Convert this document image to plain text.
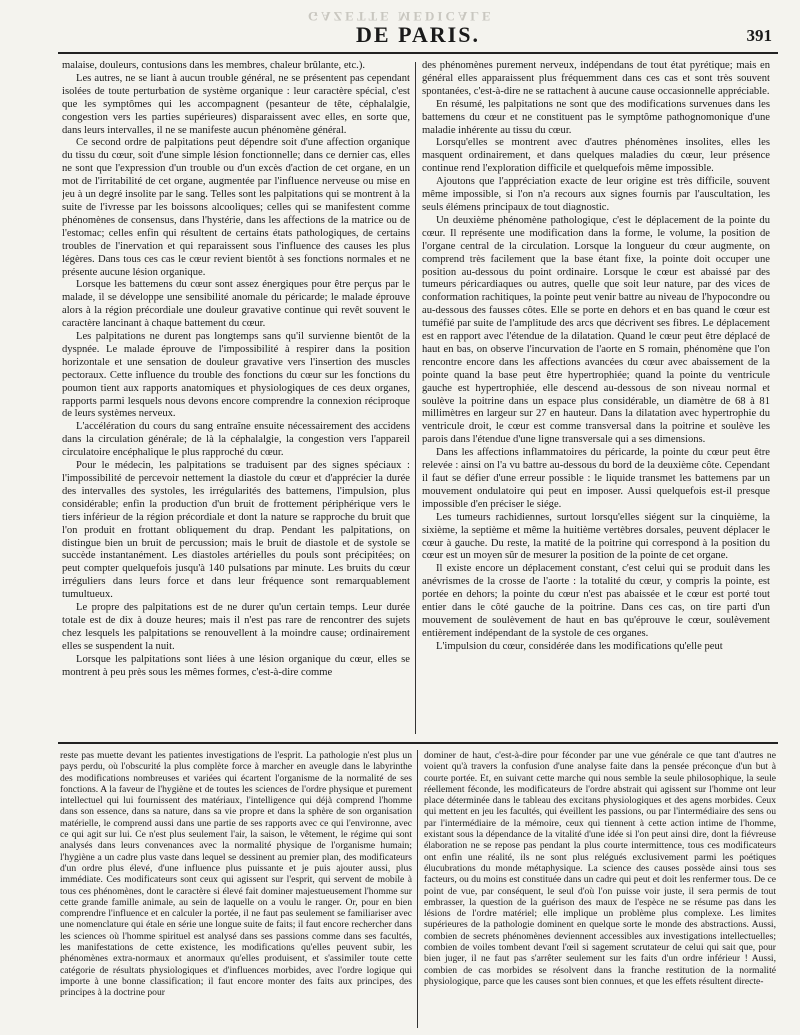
GAZETTE MEDICALE
DE PARIS.	391

malaise, douleurs, contusions dans les membres, chaleur brûlante, etc.).

Les autres, ne se liant à aucun trouble général, ne se présentent pas cependant isolées de toute perturbation de système organique : leur caractère spécial, c'est que les symptômes qui les accompagnent (pesanteur de tête, céphalalgie, congestion vers les parties supérieures) disparaissent avec elles, en sorte que, dans leurs intervalles, il ne se manifeste aucun phénomène général.

Ce second ordre de palpitations peut dépendre soit d'une affection organique du tissu du cœur, soit d'une simple lésion fonctionnelle; dans ce dernier cas, elles ne sont que l'expression d'un trouble ou d'un excès d'action de cet organe, en un mot de l'irritabilité de cet organe, augmentée par l'influence nerveuse ou mise en jeu à un degré insolite par le sang. Telles sont les palpitations qui se montrent à la suite de l'ivresse par les boissons alcooliques; celles qui se manifestent comme phénomènes de consensus, dans l'hystérie, dans les affections de la matrice ou de l'estomac; celles enfin qui résultent de certains états pathologiques, de certains troubles de l'inervation et qui reparaissent sous l'influence des causes les plus légères. Dans tous ces cas le cœur revient bientôt à ses fonctions normales et ne présente aucune lésion organique.

Lorsque les battemens du cœur sont assez énergiques pour être perçus par le malade, il se développe une sensibilité anomale du péricarde; le malade éprouve alors à la région précordiale une douleur gravative continue qui revêt souvent le caractère lancinant à chaque battement du cœur.

Les palpitations ne durent pas longtemps sans qu'il survienne bientôt de la dyspnée. Le malade éprouve de l'impossibilité à respirer dans la position horizontale et une sensation de douleur gravative vers l'insertion des muscles pectoraux. Cette influence du trouble des fonctions du cœur sur les fonctions du poumon tient aux rapports anatomiques et physiologiques de ces deux organes, rapports parmi lesquels nous devons encore comprendre la connexion réciproque de leurs systèmes nerveux.

L'accélération du cours du sang entraîne ensuite nécessairement des accidens dans la circulation générale; de là la céphalalgie, la congestion vers l'appareil circulatoire encéphalique le plus rapproché du cœur.

Pour le médecin, les palpitations se traduisent par des signes spéciaux : l'impossibilité de percevoir nettement la diastole du cœur et d'apprécier la durée des intervalles des systoles, les irrégularités des battemens, l'impulsion, plus considérable; enfin la production d'un bruit de frottement périphérique vers le tiers inférieur de la région précordiale et dont la nature se rapproche du bruit que l'on produit en frottant obliquement du drap. Pendant les palpitations, on distingue bien un bruit de percussion; mais le bruit de diastole et de systole se succède instantanément. Les diastoles artérielles du pouls sont précipitées; on peut compter quelquefois jusqu'à 140 pulsations par minute. Les bruits du cœur irréguliers dans leurs force et dans leur fréquence sont remarquablement tumultueux.

Le propre des palpitations est de ne durer qu'un certain temps. Leur durée totale est de dix à douze heures; mais il n'est pas rare de rencontrer des sujets chez lesquels les palpitations se renouvellent à la moindre cause; ordinairement elles se suspendent la nuit.

Lorsque les palpitations sont liées à une lésion organique du cœur, elles se montrent à peu près sous les mêmes formes, c'est-à-dire comme

des phénomènes purement nerveux, indépendans de tout état pyrétique; mais en général elles apparaissent plus fréquemment dans ces cas et sont très souvent spontanées, c'est-à-dire ne se rattachent à aucune cause occasionnelle appréciable.

En résumé, les palpitations ne sont que des modifications survenues dans les battemens du cœur et ne constituent pas le symptôme pathognomonique d'une maladie inhérente au tissu du cœur.

Lorsqu'elles se montrent avec d'autres phénomènes insolites, elles les masquent ordinairement, et dans quelques maladies du cœur, leur présence continue rend l'exploration difficile et quelquefois même impossible.

Ajoutons que l'appréciation exacte de leur origine est très difficile, souvent même impossible, si l'on n'a recours aux signes fournis par l'auscultation, les seuls élémens principaux de tout diagnostic.

Un deuxième phénomène pathologique, c'est le déplacement de la pointe du cœur. Il représente une modification dans la forme, le volume, la position de l'organe central de la circulation. Lorsque la longueur du cœur augmente, on comprend très facilement que la base étant fixe, la pointe doit occuper une position au-dessous du point ordinaire. Lorsque le cœur est abaissé par des tumeurs péricardiaques ou autres, quelle que soit leur nature, par des vices de conformation rachitiques, la pointe peut venir battre au niveau de l'hypocondre ou au-dessous des fausses côtes. Elle se porte en dehors et en bas quand le cœur est tuméfié par suite de l'amplitude des arcs que décrivent ses fibres. Le déplacement est en rapport avec l'étendue de la dilatation. Quand le cœur peut être déplacé de haut en bas, on observe l'incurvation de l'aorte en S romain, phénomène que l'on rencontre encore dans les affections avancées du cœur avec abaissement de la pointe quand la base peut être hypertrophiée; quand la pointe du ventricule gauche est hypertrophiée, elle descend au-dessous de son niveau normal et soulève la poitrine dans un espace plus considérable, un diamètre de 68 à 81 millimètres en largeur sur 27 en hauteur. Dans la dilatation avec hypertrophie du ventricule droit, le cœur est comme transversal dans la poitrine et soulève les parois dans l'étendue d'une ligne transversale qui a ses dimensions.

Dans les affections inflammatoires du péricarde, la pointe du cœur peut être relevée : ainsi on l'a vu battre au-dessous du bord de la deuxième côte. Cependant il faut se défier d'une erreur possible : le liquide transmet les battemens par un mouvement ondulatoire qui peut en imposer. Aussi quelquefois est-il presque impossible d'en préciser le siége.

Les tumeurs rachidiennes, surtout lorsqu'elles siégent sur la cinquième, la sixième, la septième et même la huitième vertèbres dorsales, peuvent déplacer le cœur à gauche. Du reste, la matité de la poitrine qui correspond à la position du cœur est un moyen sûr de mesurer la position de la pointe de cet organe.

Il existe encore un déplacement constant, c'est celui qui se produit dans les anévrismes de la crosse de l'aorte : la totalité du cœur, y compris la pointe, est portée en dehors; la pointe du cœur n'est pas abaissée et le cœur est porté tout entier dans le côté gauche de la poitrine. Dans ces cas, on tire parti d'un mouvement de soulèvement de haut en bas qu'éprouve le cœur, soulèvement entièrement indépendant de la systole de ces organes.

L'impulsion du cœur, considérée dans les modifications qu'elle peut

reste pas muette devant les patientes investigations de l'esprit. La pathologie n'est plus un pays perdu, où l'obscurité la plus complète force à marcher en aveugle dans le labyrinthe des modifications nombreuses et variées qui écartent l'organisme de la normalité de ses fonctions. A la faveur de l'hygiène et de toutes les sciences de l'ordre physique et purement intellectuel qui lui fournissent des matériaux, l'intelligence qui déjà comprend l'homme dans son essence, dans sa nature, dans sa vie propre et dans la sphère de son organisation matérielle, le comprend aussi dans une partie de ses rapports avec ce qui l'environne, avec ce qui agit sur lui. Ce n'est plus seulement l'air, la saison, le vêtement, le régime qui sont analysés dans leurs convenances avec la normalité physique de l'organisme humain; l'hygiène a un cadre plus vaste dans lequel se dessinent au premier plan, des modificateurs d'un ordre plus élevé, d'une influence plus puissante et je puis ajouter aussi, plus immédiate. Ces modificateurs sont ceux qui agissent sur l'esprit, qui servent de mobile à tous ces phénomènes, dont le caractère si élevé fait dominer majestueusement l'homme sur cette grande famille animale, au sein de laquelle on a voulu le ranger. Or, pour en bien comprendre l'influence et en calculer la portée, il ne faut pas seulement se familiariser avec une nomenclature qui étale en série une longue suite de faits; il faut encore rechercher dans les sciences où l'homme spirituel est analysé dans ses passions comme dans ses facultés, les manifestations de cette existence, les modifications qu'elles peuvent subir, les phénomènes extra-normaux et anormaux qu'elles produisent, et s'assimiler toute cette catégorie de résultats physiologiques et d'influences morbides, avec l'ordre logique qui importe à une bonne classification; il faut encore monter des faits aux principes, des principes à la doctrine pour

dominer de haut, c'est-à-dire pour féconder par une vue générale ce que tant d'autres ne voient qu'à travers la confusion d'une analyse faite dans la pensée préconçue d'un but à courte portée. Et, en suivant cette marche qui nous semble la seule philosophique, la seule réellement féconde, les modificateurs de l'ordre abstrait qui agissent sur l'homme ont leur place déterminée dans le tableau des excitans physiologiques et des agens morbides. Ceux qui mettent en jeu les facultés, qui éveillent les passions, ou par l'intermédiaire des sens ou par l'intermédiaire de la mémoire, ceux qui tiennent à cette action intime de l'homme, existant sous la dépendance de la vitalité d'une idée si l'on peut ainsi dire, dont la fiévreuse élaboration ne se repose pas pendant la plus courte intermittence, tous ces modificateurs ont enfin une réalité, ils ne sont plus relégués exclusivement parmi les poétiques élucubrations du monde métaphysique. La science des causes possède ainsi tous ses facteurs, ou du moins est constituée dans un cadre qui peut et doit les renfermer tous. De ce point de vue, par conséquent, le seul d'où l'on puisse voir juste, il sera permis de tout embrasser, la question de la guérison des maux de l'espèce ne se résume pas dans les lésions de l'ordre matériel; elle implique un problème plus complexe. Les limites supérieures de la pathologie dominent en quelque sorte le monde des abstractions. Aussi, combien de secrets phénomènes deviennent accessibles aux investigations intellectuelles; combien de voiles tombent devant l'œil si sagement scrutateur de celui qui sait que, pour bien juger, il ne faut pas s'arrêter seulement sur les faits d'un ordre inférieur ! Aussi, combien de cas morbides se résolvent dans la franche restitution de la normalité physiologique, parce que les causes sont bien connues, et que les effets résultent directe-
